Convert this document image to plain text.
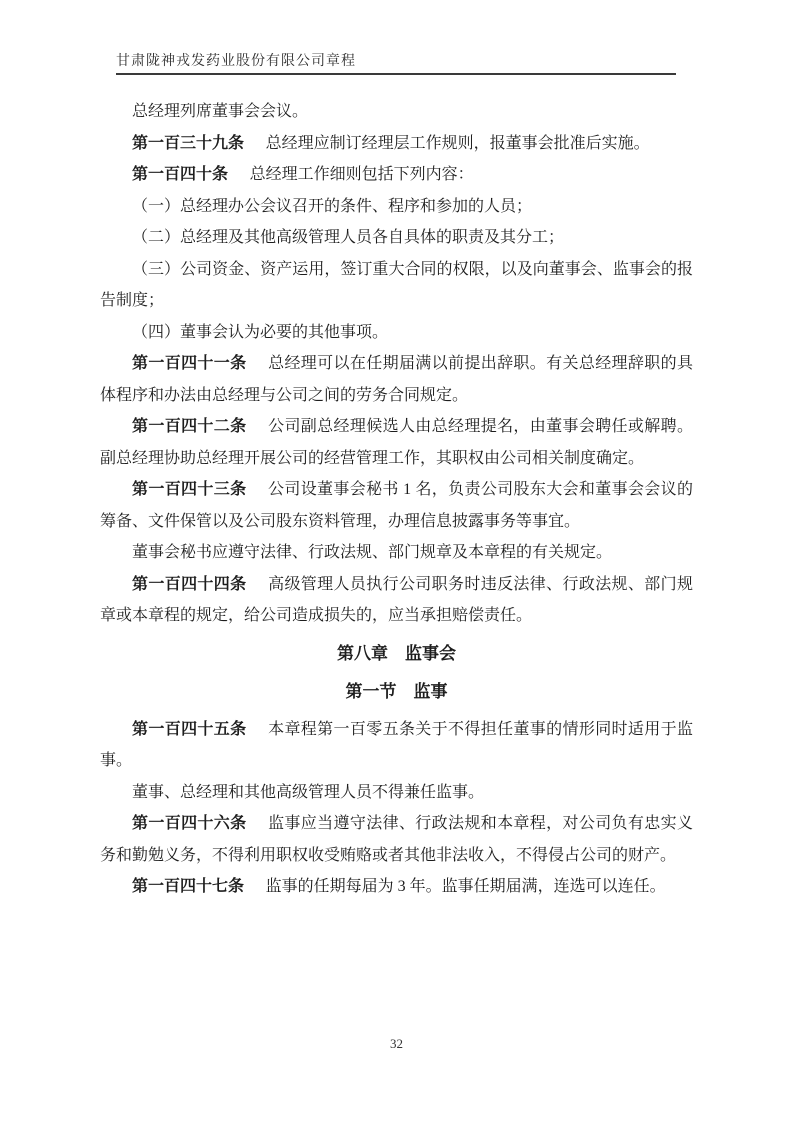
甘肃陇神戎发药业股份有限公司章程

总经理列席董事会会议。

第一百三十九条 总经理应制订经理层工作规则，报董事会批准后实施。

第一百四十条 总经理工作细则包括下列内容：

（一）总经理办公会议召开的条件、程序和参加的人员；

（二）总经理及其他高级管理人员各自具体的职责及其分工；

（三）公司资金、资产运用，签订重大合同的权限，以及向董事会、监事会的报告制度；

（四）董事会认为必要的其他事项。

第一百四十一条 总经理可以在任期届满以前提出辞职。有关总经理辞职的具体程序和办法由总经理与公司之间的劳务合同规定。

第一百四十二条 公司副总经理候选人由总经理提名，由董事会聘任或解聘。副总经理协助总经理开展公司的经营管理工作，其职权由公司相关制度确定。

第一百四十三条 公司设董事会秘书 1 名，负责公司股东大会和董事会会议的筹备、文件保管以及公司股东资料管理，办理信息披露事务等事宜。

董事会秘书应遵守法律、行政法规、部门规章及本章程的有关规定。

第一百四十四条 高级管理人员执行公司职务时违反法律、行政法规、部门规章或本章程的规定，给公司造成损失的，应当承担赔偿责任。

第八章　监事会

第一节　监事

第一百四十五条 本章程第一百零五条关于不得担任董事的情形同时适用于监事。

董事、总经理和其他高级管理人员不得兼任监事。

第一百四十六条 监事应当遵守法律、行政法规和本章程，对公司负有忠实义务和勤勉义务，不得利用职权收受贿赂或者其他非法收入，不得侵占公司的财产。

第一百四十七条 监事的任期每届为 3 年。监事任期届满，连选可以连任。

32
